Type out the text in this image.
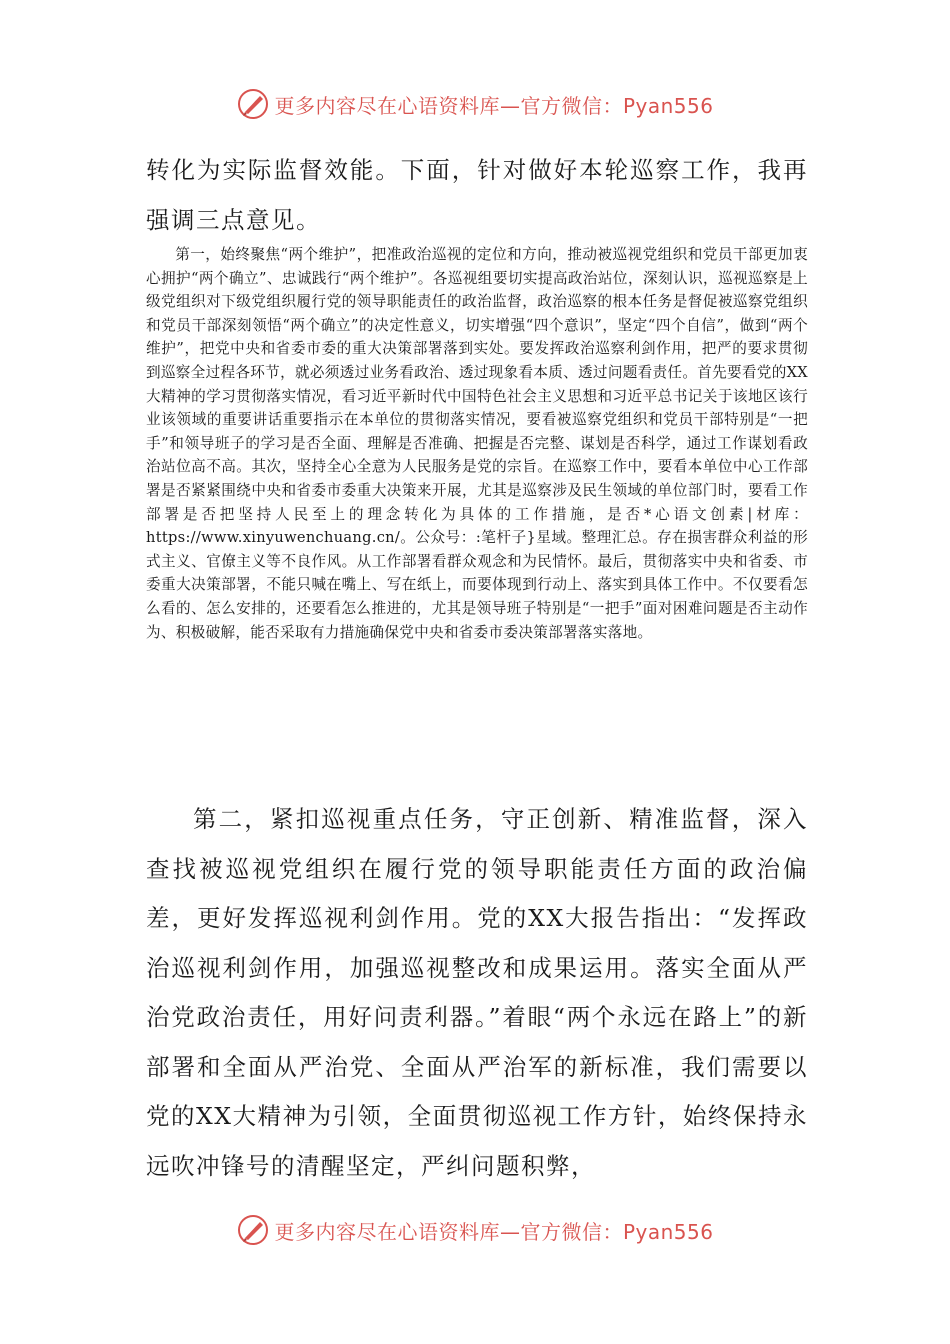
更多内容尽在心语资料库—官方微信：Pyan556

转化为实际监督效能。下面，针对做好本轮巡察工作，我再强调三点意见。

第一，始终聚焦“两个维护”，把准政治巡视的定位和方向，推动被巡视党组织和党员干部更加衷心拥护“两个确立”、忠诚践行“两个维护”。各巡视组要切实提高政治站位，深刻认识，巡视巡察是上级党组织对下级党组织履行党的领导职能责任的政治监督，政治巡察的根本任务是督促被巡察党组织和党员干部深刻领悟“两个确立”的决定性意义，切实增强“四个意识”，坚定“四个自信”，做到“两个维护”，把党中央和省委市委的重大决策部署落到实处。要发挥政治巡察利剑作用，把严的要求贯彻到巡察全过程各环节，就必须透过业务看政治、透过现象看本质、透过问题看责任。首先要看党的XX大精神的学习贯彻落实情况，看习近平新时代中国特色社会主义思想和习近平总书记关于该地区该行业该领域的重要讲话重要指示在本单位的贯彻落实情况，要看被巡察党组织和党员干部特别是“一把手”和领导班子的学习是否全面、理解是否准确、把握是否完整、谋划是否科学，通过工作谋划看政治站位高不高。其次，坚持全心全意为人民服务是党的宗旨。在巡察工作中，要看本单位中心工作部署是否紧紧围绕中央和省委市委重大决策来开展，尤其是巡察涉及民生领域的单位部门时，要看工作部署是否把坚持人民至上的理念转化为具体的工作措施，是否*心语文创素|材库：https://www.xinyuwenchuang.cn/。公众号：:笔杆子}星域。整理汇总。存在损害群众利益的形式主义、官僚主义等不良作风。从工作部署看群众观念和为民情怀。最后，贯彻落实中央和省委、市委重大决策部署，不能只喊在嘴上、写在纸上，而要体现到行动上、落实到具体工作中。不仅要看怎么看的、怎么安排的，还要看怎么推进的，尤其是领导班子特别是“一把手”面对困难问题是否主动作为、积极破解，能否采取有力措施确保党中央和省委市委决策部署落实落地。

第二，紧扣巡视重点任务，守正创新、精准监督，深入查找被巡视党组织在履行党的领导职能责任方面的政治偏差，更好发挥巡视利剑作用。党的XX大报告指出：“发挥政治巡视利剑作用，加强巡视整改和成果运用。落实全面从严治党政治责任，用好问责利器。”着眼“两个永远在路上”的新部署和全面从严治党、全面从严治军的新标准，我们需要以党的XX大精神为引领，全面贯彻巡视工作方针，始终保持永远吹冲锋号的清醒坚定，严纠问题积弊，

更多内容尽在心语资料库—官方微信：Pyan556
